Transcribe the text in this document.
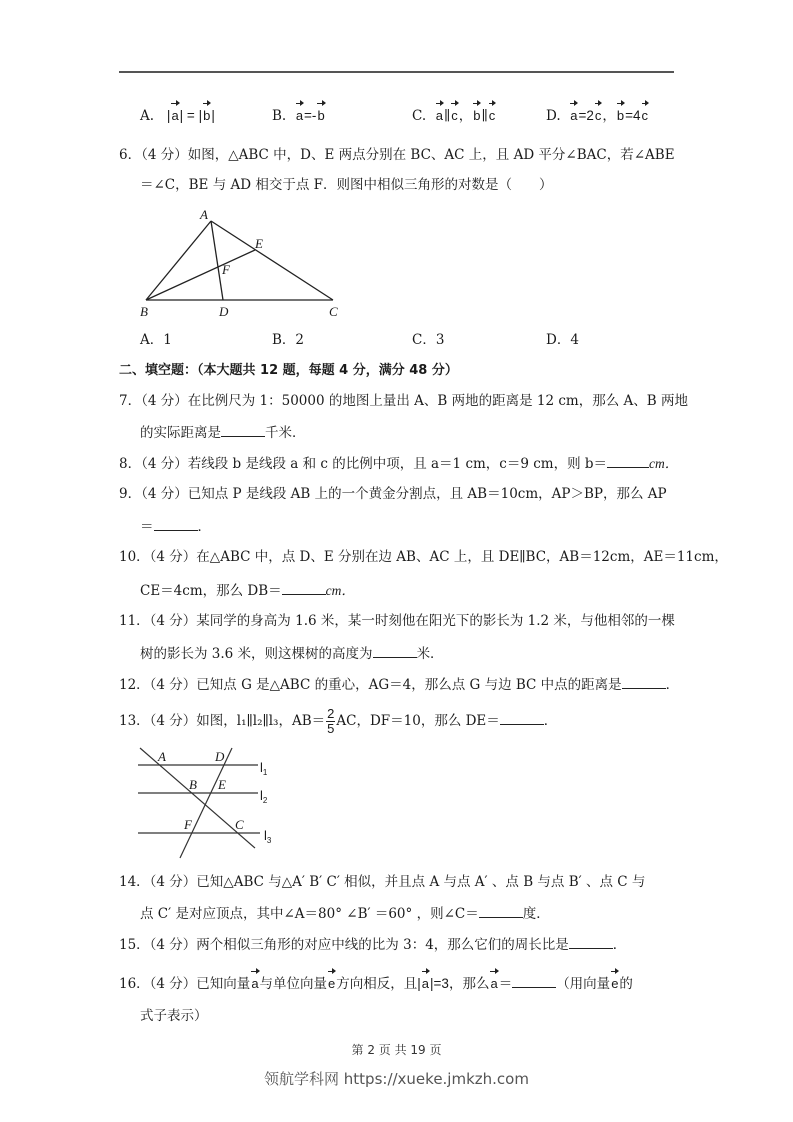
A. |a| = |b|	B. a=-b	C. a∥c，b∥c	D. a=2c，b=4c
6．（4 分）如图，△ABC 中，D、E 两点分别在 BC、AC 上，且 AD 平分∠BAC，若∠ABE
＝∠C，BE 与 AD 相交于点 F．则图中相似三角形的对数是（　　）
A
B	C
D
E
F
A．1	B．2	C．3	D．4
二、填空题：（本大题共 12 题，每题 4 分，满分 48 分）
7．（4 分）在比例尺为 1：50000 的地图上量出 A、B 两地的距离是 12 cm，那么 A、B 两地
的实际距离是	千米．
8．（4 分）若线段 b 是线段 a 和 c 的比例中项，且 a＝1 cm，c＝9 cm，则 b＝	cm．
9．（4 分）已知点 P 是线段 AB 上的一个黄金分割点，且 AB＝10cm，AP＞BP，那么 AP
＝	．
10．（4 分）在△ABC 中，点 D、E 分别在边 AB、AC 上，且 DE∥BC，AB＝12cm，AE＝11cm，
CE＝4cm，那么 DB＝	cm．
11．（4 分）某同学的身高为 1.6 米，某一时刻他在阳光下的影长为 1.2 米，与他相邻的一棵
树的影长为 3.6 米，则这棵树的高度为	米．
12．（4 分）已知点 G 是△ABC 的重心，AG＝4，那么点 G 与边 BC 中点的距离是	．
13．（4 分）如图，l₁∥l₂∥l₃，$AB= \frac{2}{5}$ AC，DF＝10，那么 DE＝	．
A	D
B E
F	C
$l_1$
$l_2$
$l_3$
14．（4 分）已知△ABC 与△A′ B′ C′ 相似，并且点 A 与点 A′ 、点 B 与点 B′ 、点 C 与
点 C′ 是对应顶点，其中∠A＝80° ∠B′ ＝60° ，则∠C＝	度．
15．（4 分）两个相似三角形的对应中线的比为 3：4，那么它们的周长比是	．
16．（4 分）已知向量a与单位向量e方向相反，且|a|=3，那么a＝	（用向量e的
式子表示）
第 2 页 共 19 页
领航学科网 https://xueke.jmkzh.com
